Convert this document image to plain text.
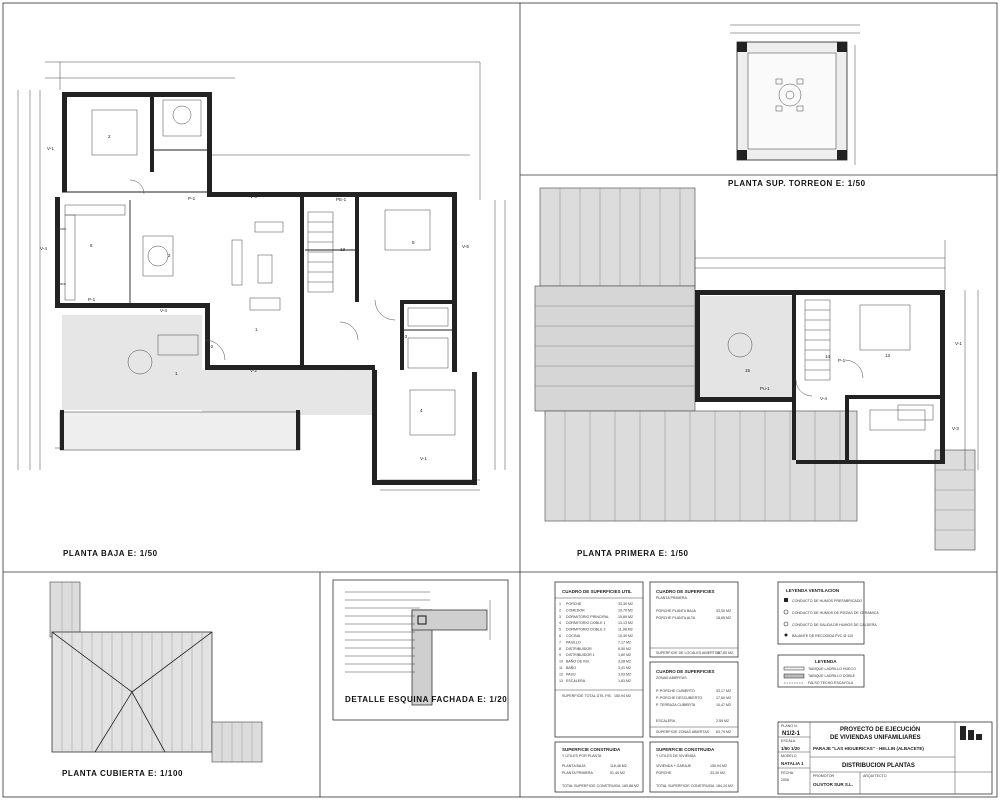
2
5
4
2
1
6
1
13
V-1
V-4	V-5
V-1
V-3
V-4
V-2
P-1
P-1
P-2
P-3
PE-1
PE-2
Lavad.
Lava
PLANTA BAJA E: 1/50
PLANTA SUP. TORREON E: 1/50
13
14
15
V-1
V-3
V-4
P-1
Pu-1
PLANTA PRIMERA E: 1/50
PLANTA CUBIERTA E: 1/100
DETALLE ESQUINA FACHADA E: 1/20
CUADRO DE SUPERFICIES UTIL
1 PORCHE	33,30 M2
2 COMEDOR	19,70 M2
3 DORMITORIO PRINCIPAL	15,89 M2
4 DORMITORIO DOBLE 1	13,13 M2
5 DORMITORIO DOBLE 2	11,98 M2
6 COCINA	10,30 M2
7 PASILLO	7,17 M2
8 DISTRIBUIDOR	6,50 M2
9 DISTRIBUIDOR 1	1,80 M2
10 BAÑO DE INV.	3,28 M2
11 BAÑO	3,41 M2
12 PASO	3,93 M2
13 ESCALERA	1,83 M2
SUPERFICIE TOTAL ÚTIL P.B. 150,94 M2
CUADRO DE SUPERFICIES
PLANTA PRIMERA
PORCHE PLANTA BAJA	33,30 M2
PORCHE PLANTA ALTA	18,65 M2
SUPERFICIE DE LOCALES ABIERTOS
107,80 M2
CUADRO DE SUPERFICIES
ZONAS ABIERTAS
P. PORCHE CUBIERTO	33,17 M2
P. PORCHE DESCUBIERTO	17,60 M2
P. TERRAZA CUBIERTA	10,47 M2
ESCALERA	2,55 M2
SUPERFICIE ZONAS ABIERTAS 63,79 M2
SUPERFICIE CONSTRUIDA
Y ÚTILES POR PLANTA
PLANTA BAJA	118,48 M2
PLANTA PRIMERA	51,40 M2
TOTAL SUPERFICIE CONSTRUIDA 169,88 M2
SUPERFICIE CONSTRUIDA
Y ÚTILES DE VIVIENDA
VIVIENDA + GARAJE	150,94 M2
PORCHE	33,30 M2
TOTAL SUPERFICIE CONSTRUIDA 184,24 M2
LEYENDA VENTILACION
CONDUCTO DE HUMOS PREFABRICADO
CONDUCTO DE HUMOS DE PIEZAS DE CERAMICA
CONDUCTO DE SALIDA DE HUMOS DE CALDERA
BAJANTE DE RECOGIDA PVC Ø 110
LEYENDA
TABIQUE LADRILLO HUECO
TABIQUE LADRILLO DOBLE
FALSO TECHO ESCAYOLA
PLANO N.
N1/2-1
ESCALA
1/50 1/20
MODELO
NATALIA 1
FECHA
2006
PROYECTO DE EJECUCIÓN
DE VIVIENDAS UNIFAMILIARES
PARAJE "LAS HIGUERICAS" - HELLIN (ALBACETE)
DISTRIBUCION PLANTAS
PROMOTOR
OLIVTOR SUR S.L.
ARQUITECTO
